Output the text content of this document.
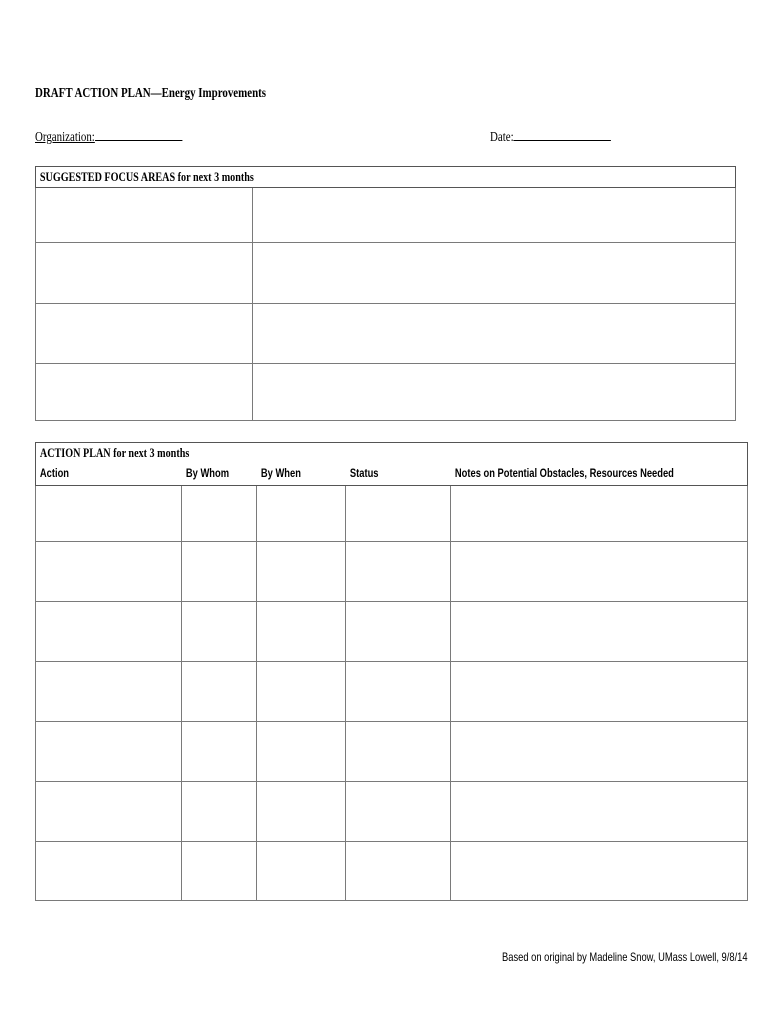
DRAFT ACTION PLAN—Energy Improvements
Organization:	Date:
SUGGESTED FOCUS AREAS for next 3 months	

ACTION PLAN for next 3 months				
Action	By Whom	By When	Status	Notes on Potential Obstacles, Resources Needed

Based on original by Madeline Snow, UMass Lowell, 9/8/14
